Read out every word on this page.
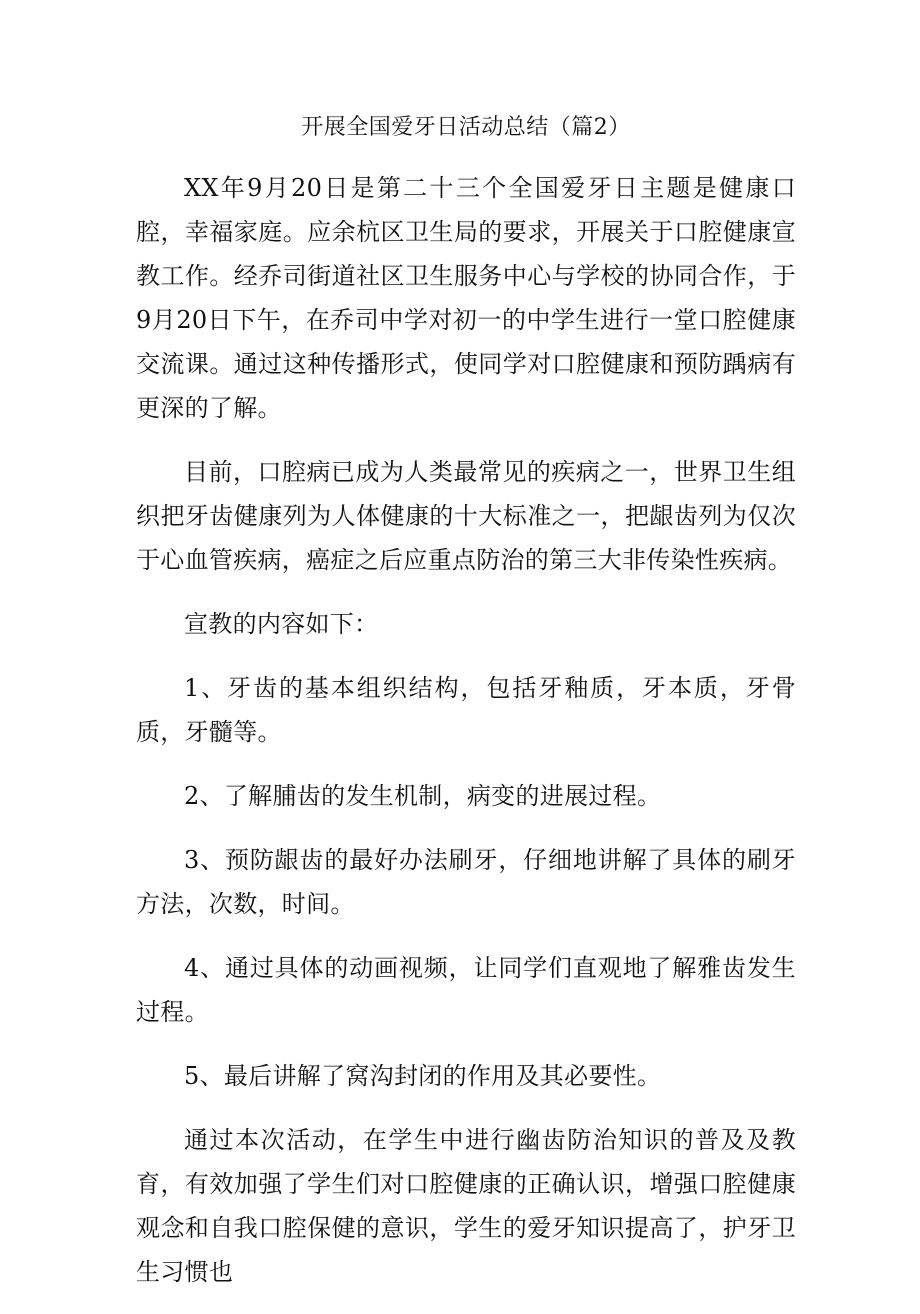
开展全国爱牙日活动总结（篇2）

XX年9月20日是第二十三个全国爱牙日主题是健康口腔，幸福家庭。应余杭区卫生局的要求，开展关于口腔健康宣教工作。经乔司街道社区卫生服务中心与学校的协同合作，于9月20日下午，在乔司中学对初一的中学生进行一堂口腔健康交流课。通过这种传播形式，使同学对口腔健康和预防踽病有更深的了解。

目前，口腔病已成为人类最常见的疾病之一，世界卫生组织把牙齿健康列为人体健康的十大标准之一，把龈齿列为仅次于心血管疾病，癌症之后应重点防治的第三大非传染性疾病。

宣教的内容如下：

1、牙齿的基本组织结构，包括牙釉质，牙本质，牙骨质，牙髓等。

2、了解脯齿的发生机制，病变的进展过程。

3、预防龈齿的最好办法刷牙，仔细地讲解了具体的刷牙方法，次数，时间。

4、通过具体的动画视频，让同学们直观地了解雅齿发生过程。

5、最后讲解了窝沟封闭的作用及其必要性。

通过本次活动，在学生中进行幽齿防治知识的普及及教育，有效加强了学生们对口腔健康的正确认识，增强口腔健康观念和自我口腔保健的意识，学生的爱牙知识提高了，护牙卫生习惯也
